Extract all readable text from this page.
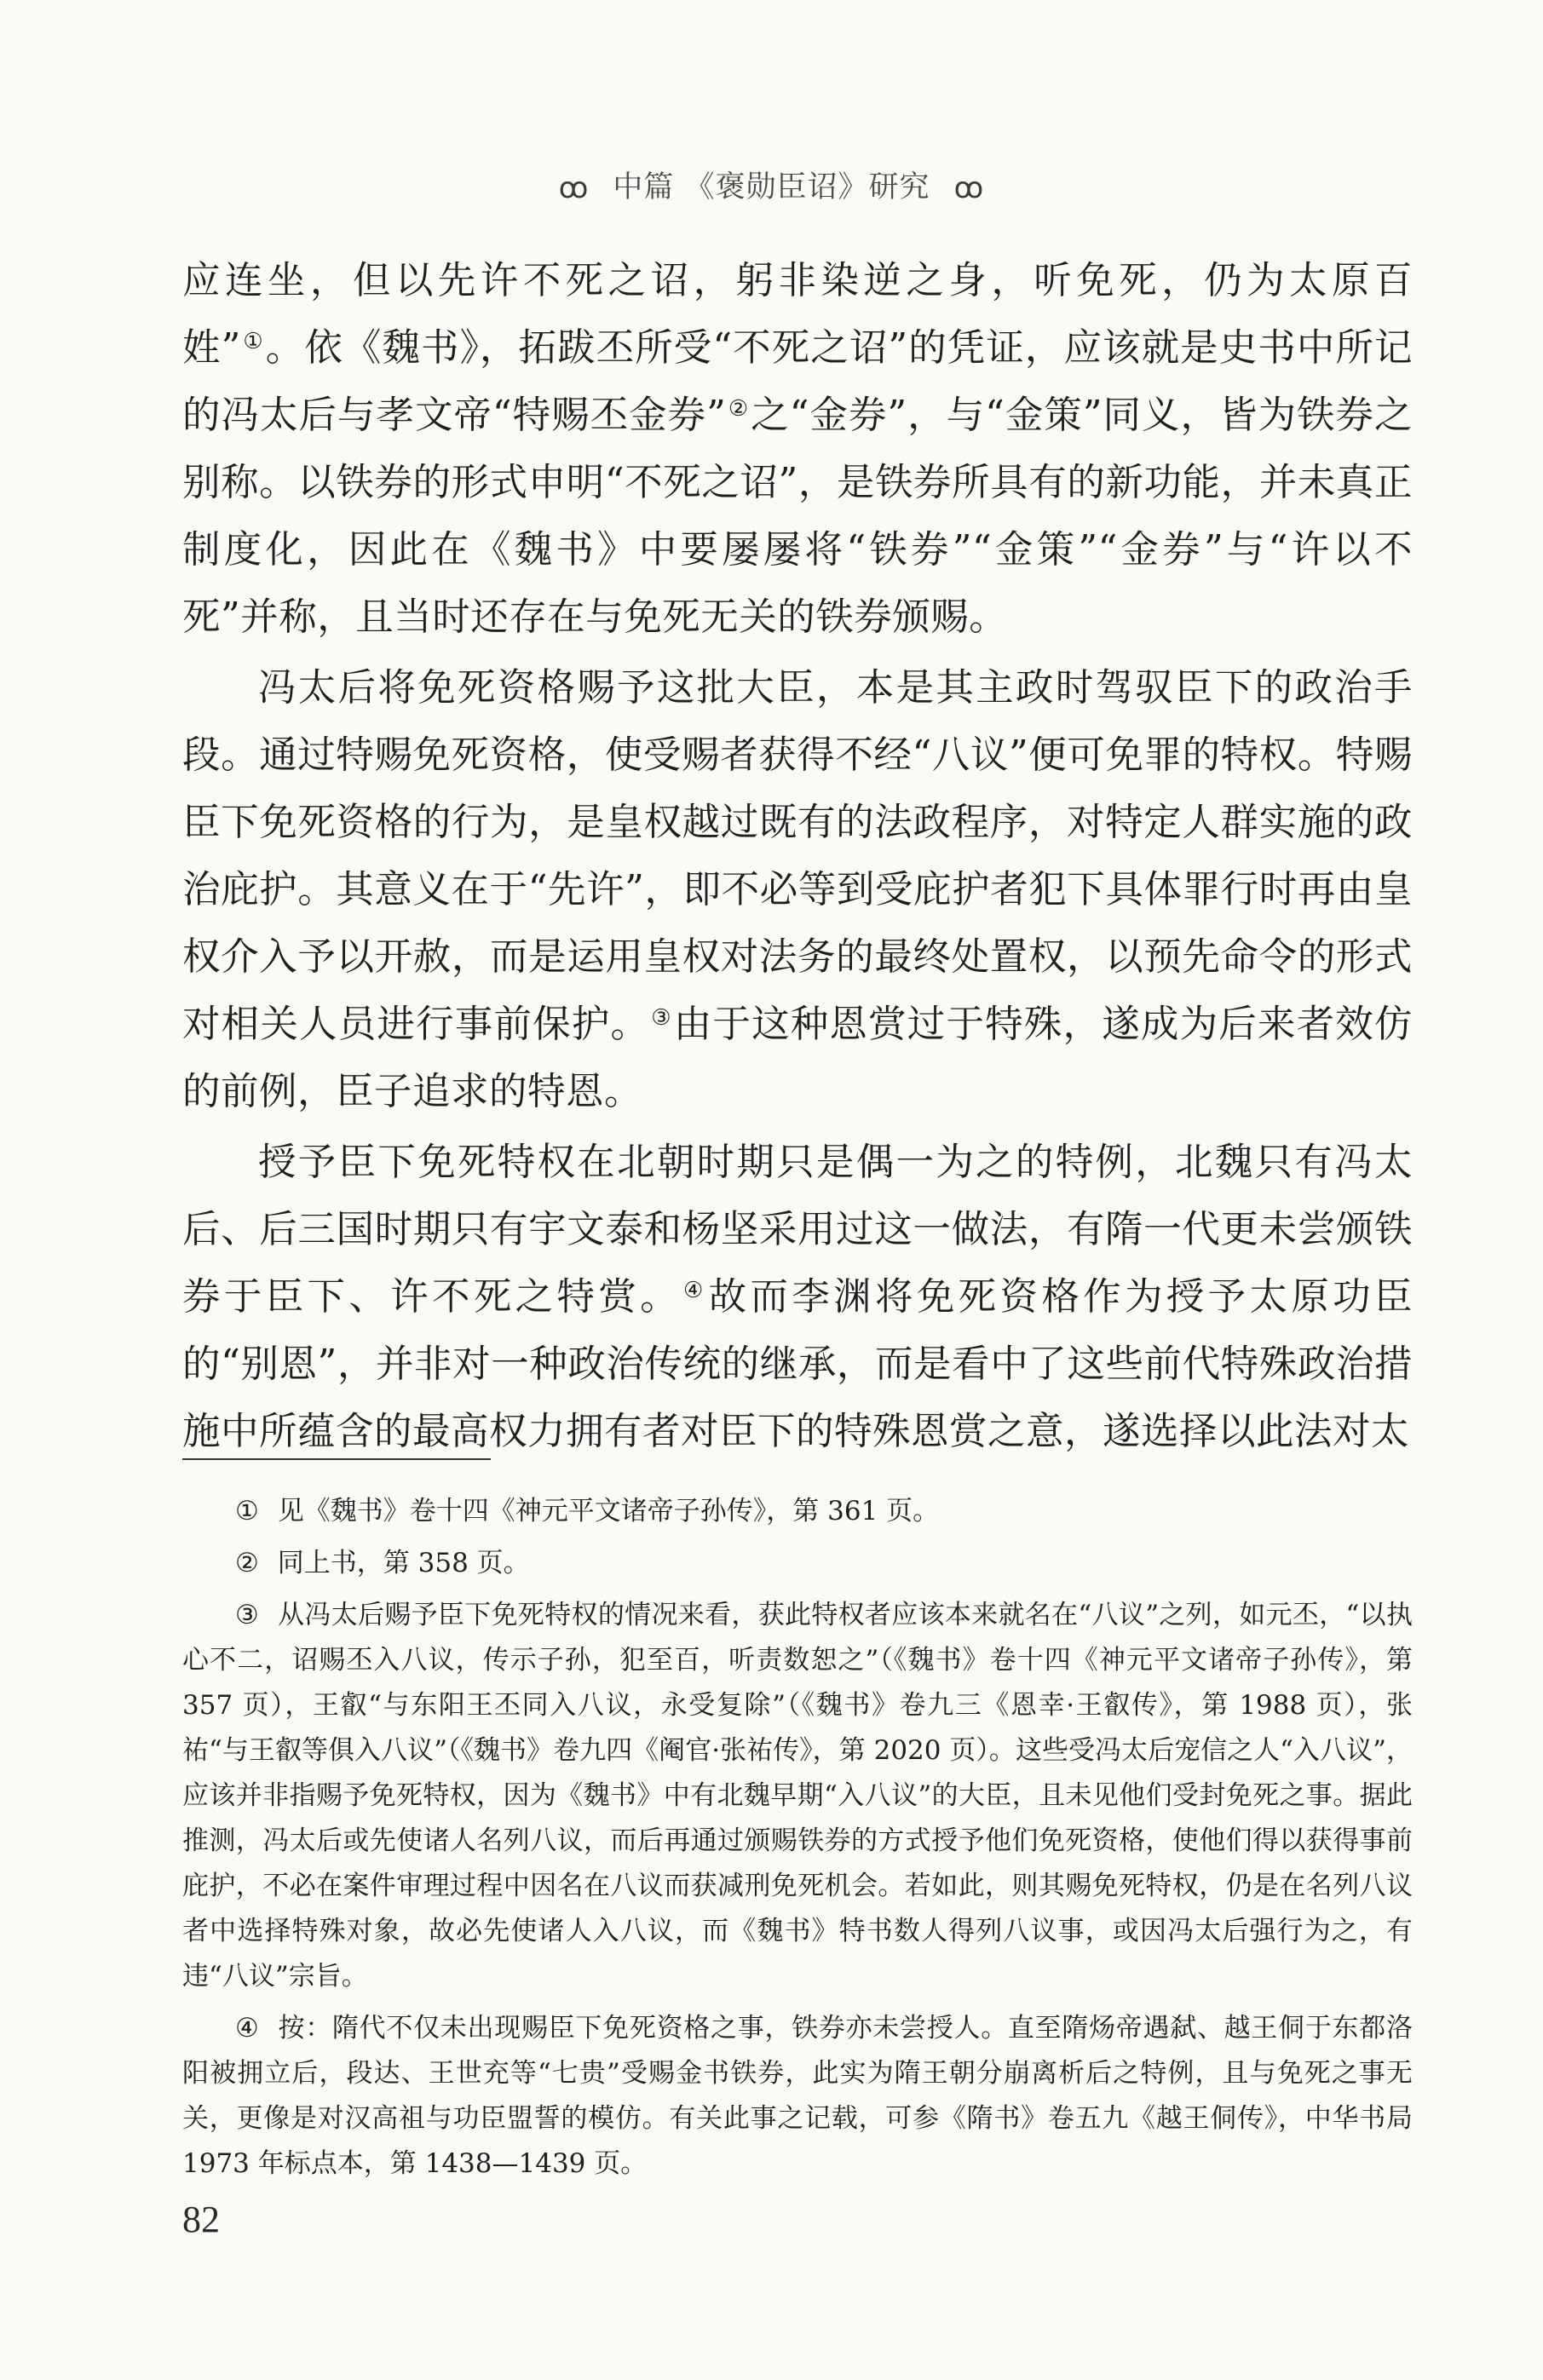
ꝏ 中篇 《褒勋臣诏》研究 ꝏ

应连坐，但以先许不死之诏，躬非染逆之身，听免死，仍为太原百姓”①。依《魏书》，拓跋丕所受“不死之诏”的凭证，应该就是史书中所记的冯太后与孝文帝“特赐丕金券”②之“金券”，与“金策”同义，皆为铁券之别称。以铁券的形式申明“不死之诏”，是铁券所具有的新功能，并未真正制度化，因此在《魏书》中要屡屡将“铁券”“金策”“金券”与“许以不死”并称，且当时还存在与免死无关的铁券颁赐。

冯太后将免死资格赐予这批大臣，本是其主政时驾驭臣下的政治手段。通过特赐免死资格，使受赐者获得不经“八议”便可免罪的特权。特赐臣下免死资格的行为，是皇权越过既有的法政程序，对特定人群实施的政治庇护。其意义在于“先许”，即不必等到受庇护者犯下具体罪行时再由皇权介入予以开赦，而是运用皇权对法务的最终处置权，以预先命令的形式对相关人员进行事前保护。③由于这种恩赏过于特殊，遂成为后来者效仿的前例，臣子追求的特恩。

授予臣下免死特权在北朝时期只是偶一为之的特例，北魏只有冯太后、后三国时期只有宇文泰和杨坚采用过这一做法，有隋一代更未尝颁铁券于臣下、许不死之特赏。④故而李渊将免死资格作为授予太原功臣的“别恩”，并非对一种政治传统的继承，而是看中了这些前代特殊政治措施中所蕴含的最高权力拥有者对臣下的特殊恩赏之意，遂选择以此法对太

① 见《魏书》卷十四《神元平文诸帝子孙传》，第 361 页。

② 同上书，第 358 页。

③ 从冯太后赐予臣下免死特权的情况来看，获此特权者应该本来就名在“八议”之列，如元丕，“以执心不二，诏赐丕入八议，传示子孙，犯至百，听责数恕之”（《魏书》卷十四《神元平文诸帝子孙传》，第 357 页），王叡“与东阳王丕同入八议，永受复除”（《魏书》卷九三《恩幸·王叡传》，第 1988 页），张祐“与王叡等俱入八议”（《魏书》卷九四《阉官·张祐传》，第 2020 页）。这些受冯太后宠信之人“入八议”，应该并非指赐予免死特权，因为《魏书》中有北魏早期“入八议”的大臣，且未见他们受封免死之事。据此推测，冯太后或先使诸人名列八议，而后再通过颁赐铁券的方式授予他们免死资格，使他们得以获得事前庇护，不必在案件审理过程中因名在八议而获减刑免死机会。若如此，则其赐免死特权，仍是在名列八议者中选择特殊对象，故必先使诸人入八议，而《魏书》特书数人得列八议事，或因冯太后强行为之，有违“八议”宗旨。

④ 按：隋代不仅未出现赐臣下免死资格之事，铁券亦未尝授人。直至隋炀帝遇弑、越王侗于东都洛阳被拥立后，段达、王世充等“七贵”受赐金书铁券，此实为隋王朝分崩离析后之特例，且与免死之事无关，更像是对汉高祖与功臣盟誓的模仿。有关此事之记载，可参《隋书》卷五九《越王侗传》，中华书局 1973 年标点本，第 1438—1439 页。

82
